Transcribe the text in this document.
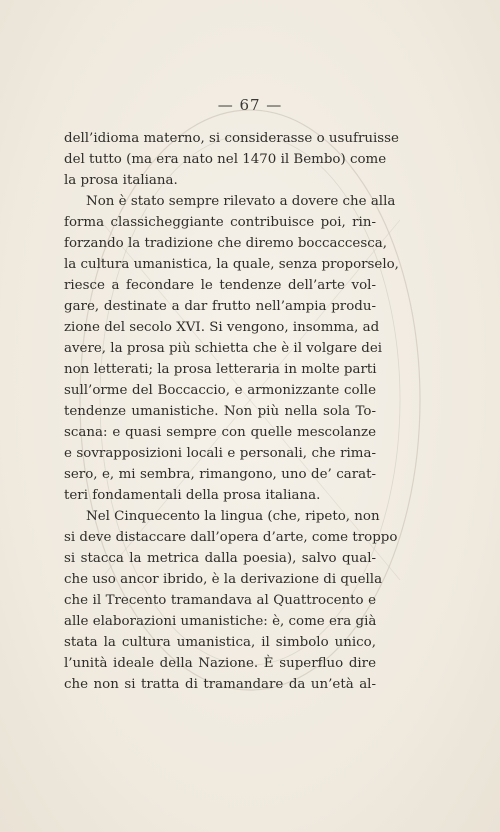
— 67 —
dell’idioma materno, si considerasse o usufruisse
del tutto (ma era nato nel 1470 il Bembo) come
la prosa italiana.
Non è stato sempre rilevato a dovere che alla
forma classicheggiante contribuisce poi, rin-
forzando la tradizione che diremo boccaccesca,
la cultura umanistica, la quale, senza proporselo,
riesce a fecondare le tendenze dell’arte vol-
gare, destinate a dar frutto nell’ampia produ-
zione del secolo XVI. Si vengono, insomma, ad
avere, la prosa più schietta che è il volgare dei
non letterati; la prosa letteraria in molte parti
sull’orme del Boccaccio, e armonizzante colle
tendenze umanistiche. Non più nella sola To-
scana: e quasi sempre con quelle mescolanze
e sovrapposizioni locali e personali, che rima-
sero, e, mi sembra, rimangono, uno de’ carat-
teri fondamentali della prosa italiana.
Nel Cinquecento la lingua (che, ripeto, non
si deve distaccare dall’opera d’arte, come troppo
si stacca la metrica dalla poesia), salvo qual-
che uso ancor ibrido, è la derivazione di quella
che il Trecento tramandava al Quattrocento e
alle elaborazioni umanistiche: è, come era già
stata la cultura umanistica, il simbolo unico,
l’unità ideale della Nazione. È superfluo dire
che non si tratta di tramandare da un’età al-
